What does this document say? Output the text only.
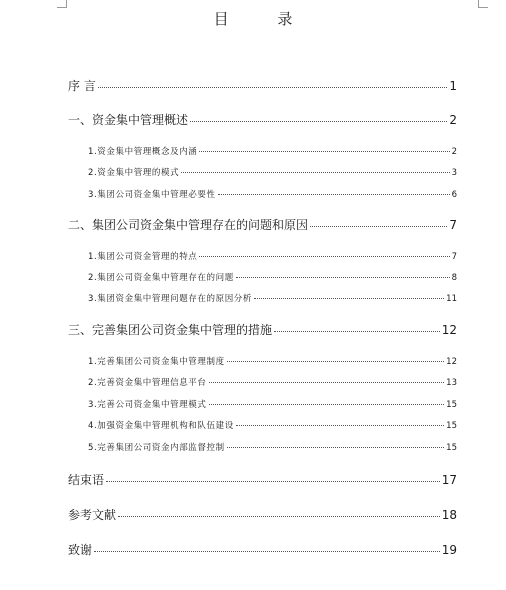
目 录
序 言	1
一、资金集中管理概述	2
1.资金集中管理概念及内涵	2
2.资金集中管理的模式	3
3.集团公司资金集中管理必要性	6
二、集团公司资金集中管理存在的问题和原因	7
1.集团公司资金管理的特点	7
2.集团公司资金集中管理存在的问题	8
3.集团资金集中管理问题存在的原因分析	11
三、完善集团公司资金集中管理的措施	12
1.完善集团公司资金集中管理制度	12
2.完善资金集中管理信息平台	13
3.完善公司资金集中管理模式	15
4.加强资金集中管理机构和队伍建设	15
5.完善集团公司资金内部监督控制	15
结束语	17
参考文献	18
致谢	19
